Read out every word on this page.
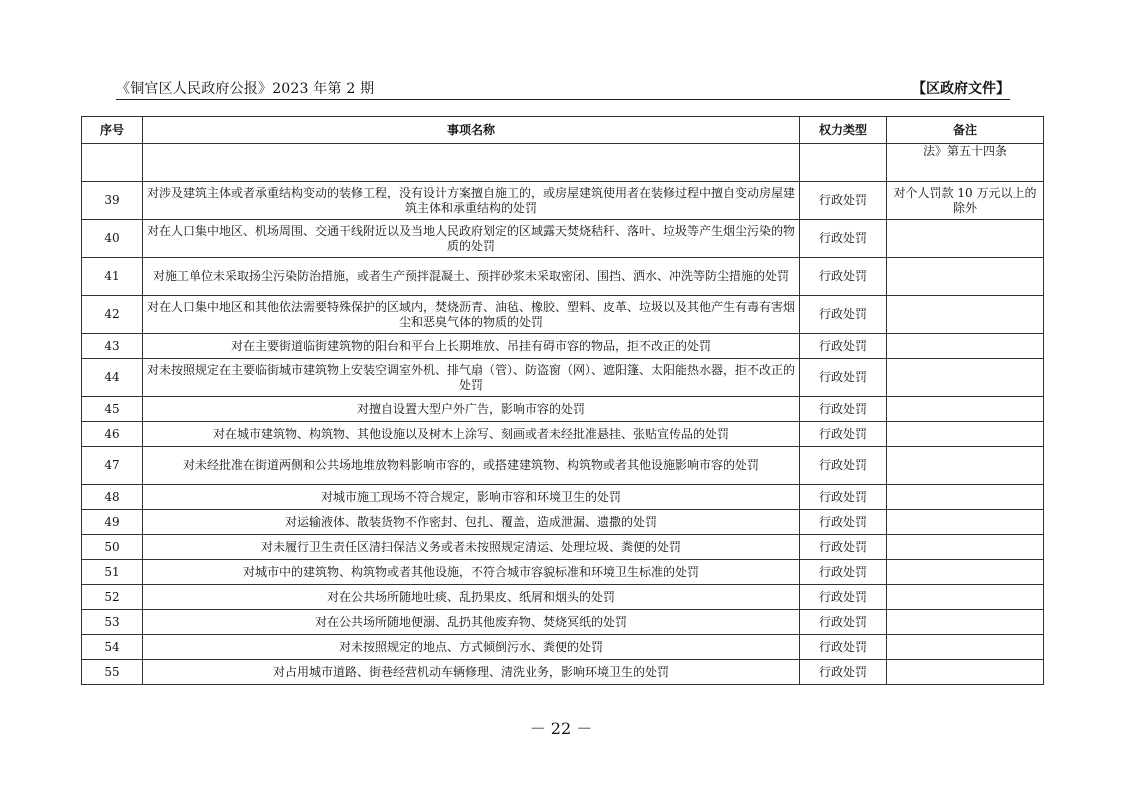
《铜官区人民政府公报》2023 年第 2 期	【区政府文件】
序号	事项名称	权力类型	备注
			法》第五十四条
39	对涉及建筑主体或者承重结构变动的装修工程，没有设计方案擅自施工的，或房屋建筑使用者在装修过程中擅自变动房屋建筑主体和承重结构的处罚	行政处罚	对个人罚款 10 万元以上的除外
40	对在人口集中地区、机场周围、交通干线附近以及当地人民政府划定的区域露天焚烧秸秆、落叶、垃圾等产生烟尘污染的物质的处罚	行政处罚	
41	对施工单位未采取扬尘污染防治措施，或者生产预拌混凝土、预拌砂浆未采取密闭、围挡、洒水、冲洗等防尘措施的处罚	行政处罚	
42	对在人口集中地区和其他依法需要特殊保护的区域内，焚烧沥青、油毡、橡胶、塑料、皮革、垃圾以及其他产生有毒有害烟尘和恶臭气体的物质的处罚	行政处罚	
43	对在主要街道临街建筑物的阳台和平台上长期堆放、吊挂有碍市容的物品，拒不改正的处罚	行政处罚	
44	对未按照规定在主要临街城市建筑物上安装空调室外机、排气扇（管）、防盗窗（网）、遮阳篷、太阳能热水器，拒不改正的处罚	行政处罚	
45	对擅自设置大型户外广告，影响市容的处罚	行政处罚	
46	对在城市建筑物、构筑物、其他设施以及树木上涂写、刻画或者未经批准悬挂、张贴宣传品的处罚	行政处罚	
47	对未经批准在街道两侧和公共场地堆放物料影响市容的，或搭建建筑物、构筑物或者其他设施影响市容的处罚	行政处罚	
48	对城市施工现场不符合规定，影响市容和环境卫生的处罚	行政处罚	
49	对运输液体、散装货物不作密封、包扎、覆盖，造成泄漏、遗撒的处罚	行政处罚	
50	对未履行卫生责任区清扫保洁义务或者未按照规定清运、处理垃圾、粪便的处罚	行政处罚	
51	对城市中的建筑物、构筑物或者其他设施，不符合城市容貌标准和环境卫生标准的处罚	行政处罚	
52	对在公共场所随地吐痰、乱扔果皮、纸屑和烟头的处罚	行政处罚	
53	对在公共场所随地便溺、乱扔其他废弃物、焚烧冥纸的处罚	行政处罚	
54	对未按照规定的地点、方式倾倒污水、粪便的处罚	行政处罚	
55	对占用城市道路、街巷经营机动车辆修理、清洗业务，影响环境卫生的处罚	行政处罚	
－ 22 －
